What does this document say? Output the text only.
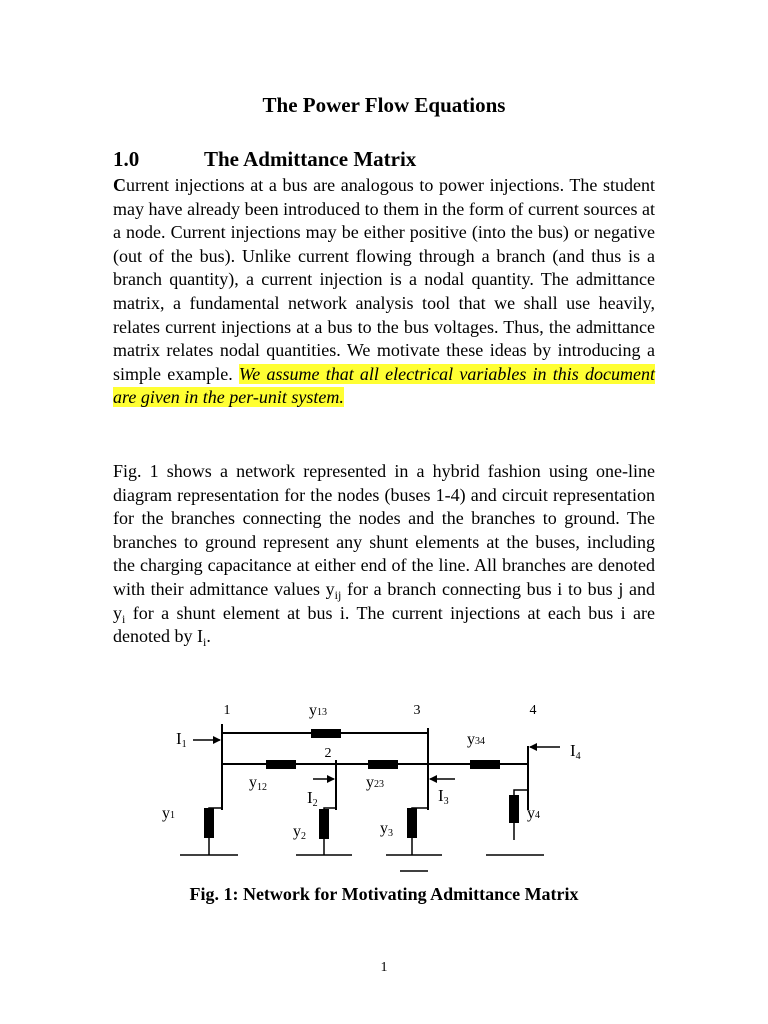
The Power Flow Equations
1.0	The Admittance Matrix

Current injections at a bus are analogous to power injections. The student may have already been introduced to them in the form of current sources at a node. Current injections may be either positive (into the bus) or negative (out of the bus). Unlike current flowing through a branch (and thus is a branch quantity), a current injection is a nodal quantity. The admittance matrix, a fundamental network analysis tool that we shall use heavily, relates current injections at a bus to the bus voltages. Thus, the admittance matrix relates nodal quantities. We motivate these ideas by introducing a simple example. We assume that all electrical variables in this document are given in the per-unit system.

Fig. 1 shows a network represented in a hybrid fashion using one-line diagram representation for the nodes (buses 1-4) and circuit representation for the branches connecting the nodes and the branches to ground. The branches to ground represent any shunt elements at the buses, including the charging capacitance at either end of the line. All branches are denoted with their admittance values $y_{ij}$ for a branch connecting bus i to bus j and $y_i$ for a shunt element at bus i. The current injections at each bus i are denoted by $I_i$.

1
2
3	4
y13
y12	y23
y34
y1
y2	y3
y4
I1
I2	I3
I4

Fig. 1: Network for Motivating Admittance Matrix

1
